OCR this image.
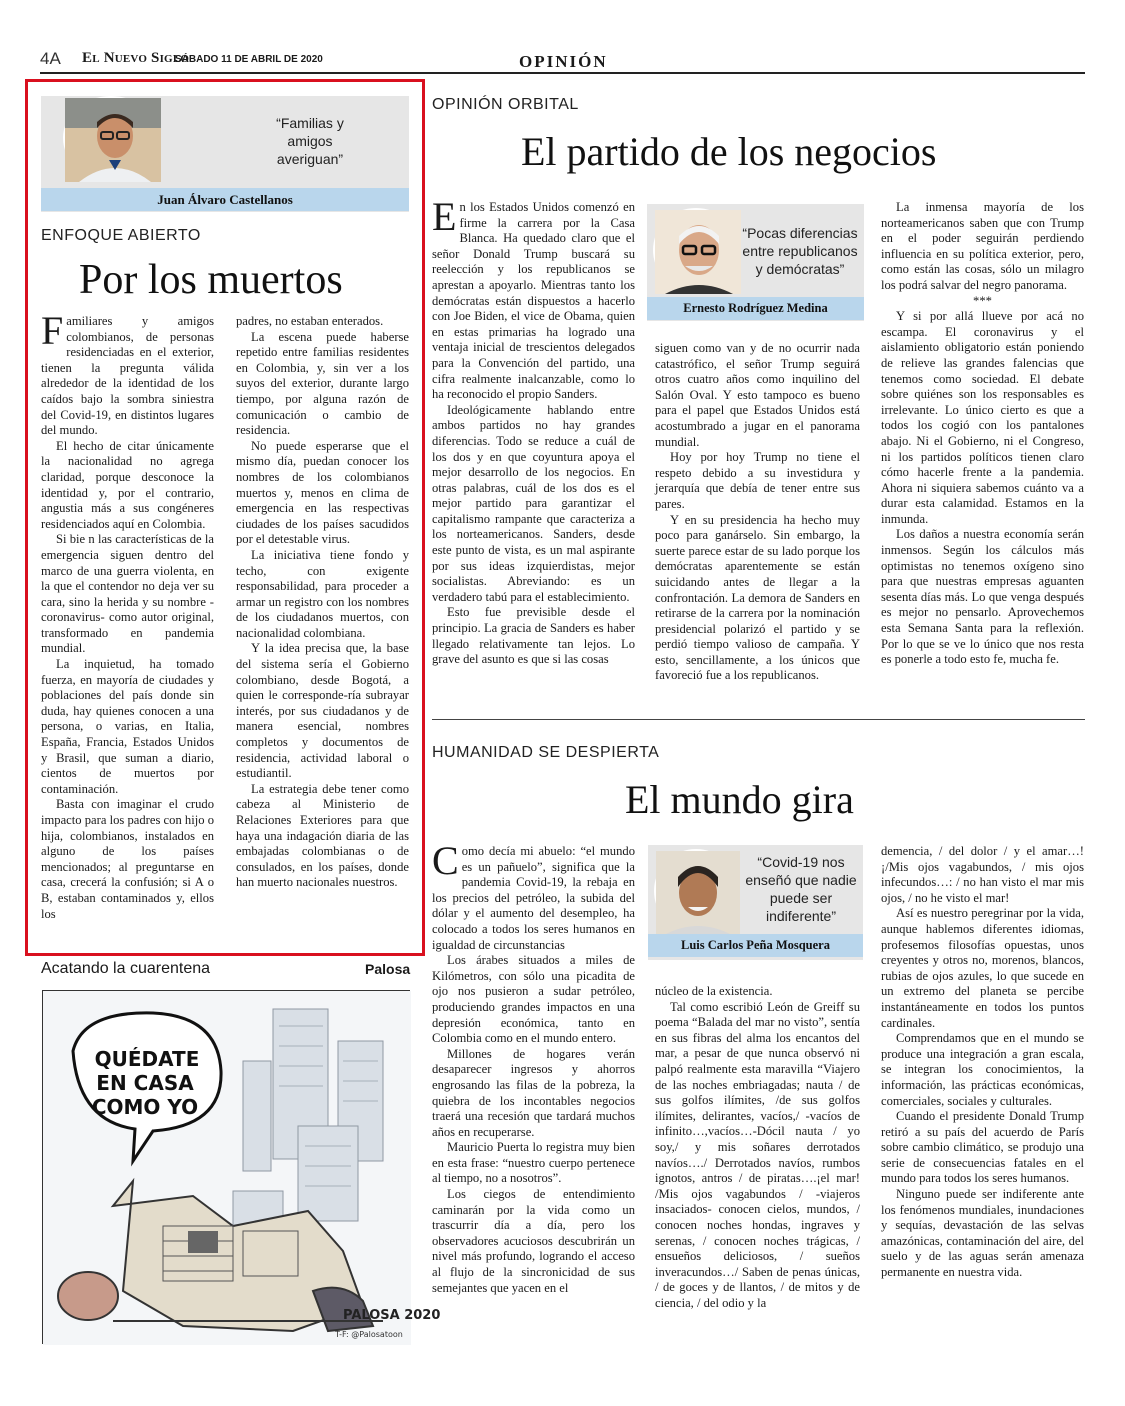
4A El Nuevo Siglo
SÁBADO 11 DE ABRIL DE 2020	OPINIÓN
“Familias y amigos averiguan”
Juan Álvaro Castellanos
ENFOQUE ABIERTO
Por los muertos

Familiares y amigos colombianos, de personas residenciadas en el exterior, tienen la pregunta válida alrededor de la identidad de los caídos bajo la sombra siniestra del Covid-19, en distintos lugares del mundo.

El hecho de citar únicamente la nacionalidad no agrega claridad, porque desconoce la identidad y, por el contrario, angustia más a sus congéneres residenciados aquí en Colombia.

Si bie n las características de la emergencia siguen dentro del marco de una guerra violenta, en la que el contendor no deja ver su cara, sino la herida y su nombre -coronavirus- como autor original, transformado en pandemia mundial.

La inquietud, ha tomado fuerza, en mayoría de ciudades y poblaciones del país donde sin duda, hay quienes conocen a una persona, o varias, en Italia, España, Francia, Estados Unidos y Brasil, que suman a diario, cientos de muertos por contaminación.

Basta con imaginar el crudo impacto para los padres con hijo o hija, colombianos, instalados en alguno de los países mencionados; al preguntarse en casa, crecerá la confusión; si A o B, estaban contaminados y, ellos los

padres, no estaban enterados.

La escena puede haberse repetido entre familias residentes en Colombia, y, sin ver a los suyos del exterior, durante largo tiempo, por alguna razón de comunicación o cambio de residencia.

No puede esperarse que el mismo día, puedan conocer los nombres de los colombianos muertos y, menos en clima de emergencia en las respectivas ciudades de los países sacudidos por el detestable virus.

La iniciativa tiene fondo y techo, con exigente responsabilidad, para proceder a armar un registro con los nombres de los ciudadanos muertos, con nacionalidad colombiana.

Y la idea precisa que, la base del sistema sería el Gobierno colombiano, desde Bogotá, a quien le corresponde-ría subrayar interés, por sus ciudadanos y de manera esencial, nombres completos y documentos de residencia, actividad laboral o estudiantil.

La estrategia debe tener como cabeza al Ministerio de Relaciones Exteriores para que haya una indagación diaria de las embajadas colombianas o de consulados, en los países, donde han muerto nacionales nuestros.

Acatando la cuarentena	Palosa
QUÉDATE
EN CASA
COMO YO
PALOSA 2020
T-F: @Palosatoon
OPINIÓN ORBITAL
El partido de los negocios

En los Estados Unidos comenzó en firme la carrera por la Casa Blanca. Ha quedado claro que el señor Donald Trump buscará su reelección y los republicanos se aprestan a apoyarlo. Mientras tanto los demócratas están dispuestos a hacerlo con Joe Biden, el vice de Obama, quien en estas primarias ha logrado una ventaja inicial de trescientos delegados para la Convención del partido, una cifra realmente inalcanzable, como lo ha reconocido el propio Sanders.

Ideológicamente hablando entre ambos partidos no hay grandes diferencias. Todo se reduce a cuál de los dos y en que coyuntura apoya el mejor desarrollo de los negocios. En otras palabras, cuál de los dos es el mejor partido para garantizar el capitalismo rampante que caracteriza a los norteamericanos. Sanders, desde este punto de vista, es un mal aspirante por sus ideas izquierdistas, mejor socialistas. Abreviando: es un verdadero tabú para el establecimiento.

Esto fue previsible desde el principio. La gracia de Sanders es haber llegado relativamente tan lejos. Lo grave del asunto es que si las cosas

“Pocas diferencias entre republicanos y demócratas”
Ernesto Rodríguez Medina

siguen como van y de no ocurrir nada catastrófico, el señor Trump seguirá otros cuatro años como inquilino del Salón Oval. Y esto tampoco es bueno para el papel que Estados Unidos está acostumbrado a jugar en el panorama mundial.

Hoy por hoy Trump no tiene el respeto debido a su investidura y jerarquía que debía de tener entre sus pares.

Y en su presidencia ha hecho muy poco para ganárselo. Sin embargo, la suerte parece estar de su lado porque los demócratas aparentemente se están suicidando antes de llegar a la confrontación. La demora de Sanders en retirarse de la carrera por la nominación presidencial polarizó el partido y se perdió tiempo valioso de campaña. Y esto, sencillamente, a los únicos que favoreció fue a los republicanos.

La inmensa mayoría de los norteamericanos saben que con Trump en el poder seguirán perdiendo influencia en su política exterior, pero, como están las cosas, sólo un milagro los podrá salvar del negro panorama.

***

Y si por allá llueve por acá no escampa. El coronavirus y el aislamiento obligatorio están poniendo de relieve las grandes falencias que tenemos como sociedad. El debate sobre quiénes son los responsables es irrelevante. Lo único cierto es que a todos los cogió con los pantalones abajo. Ni el Gobierno, ni el Congreso, ni los partidos políticos tienen claro cómo hacerle frente a la pandemia. Ahora ni siquiera sabemos cuánto va a durar esta calamidad. Estamos en la inmunda.

Los daños a nuestra economía serán inmensos. Según los cálculos más optimistas no tenemos oxígeno sino para que nuestras empresas aguanten sesenta días más. Lo que venga después es mejor no pensarlo. Aprovechemos esta Semana Santa para la reflexión. Por lo que se ve lo único que nos resta es ponerle a todo esto fe, mucha fe.

HUMANIDAD SE DESPIERTA
El mundo gira

Como decía mi abuelo: “el mundo es un pañuelo”, significa que la pandemia Covid-19, la rebaja en los precios del petróleo, la subida del dólar y el aumento del desempleo, ha colocado a todos los seres humanos en igualdad de circunstancias

Los árabes situados a miles de Kilómetros, con sólo una picadita de ojo nos pusieron a sudar petróleo, produciendo grandes impactos en una depresión económica, tanto en Colombia como en el mundo entero.

Millones de hogares verán desaparecer ingresos y ahorros engrosando las filas de la pobreza, la quiebra de los incontables negocios traerá una recesión que tardará muchos años en recuperarse.

Mauricio Puerta lo registra muy bien en esta frase: “nuestro cuerpo pertenece al tiempo, no a nosotros”.

Los ciegos de entendimiento caminarán por la vida como un trascurrir día a día, pero los observadores acuciosos descubrirán un nivel más profundo, logrando el acceso al flujo de la sincronicidad de sus semejantes que yacen en el

“Covid-19 nos enseñó que nadie puede ser indiferente”
Luis Carlos Peña Mosquera

núcleo de la existencia.

Tal como escribió León de Greiff su poema “Balada del mar no visto”, sentía en sus fibras del alma los encantos del mar, a pesar de que nunca observó ni palpó realmente esta maravilla “Viajero de las noches embriagadas; nauta / de sus golfos ilímites, /de sus golfos ilímites, delirantes, vacíos,/ -vacíos de infinito…,vacíos…-Dócil nauta / yo soy,/ y mis soñares derrotados navíos…./ Derrotados navíos, rumbos ignotos, antros / de piratas….¡el mar! /Mis ojos vagabundos / -viajeros insaciados- conocen cielos, mundos, / conocen noches hondas, ingraves y serenas, / conocen noches trágicas, / ensueños deliciosos, / sueños inveracundos…/ Saben de penas únicas, / de goces y de llantos, / de mitos y de ciencia, / del odio y la

demencia, / del dolor / y el amar…! ¡/Mis ojos vagabundos, / mis ojos infecundos…: / no han visto el mar mis ojos, / no he visto el mar!

Así es nuestro peregrinar por la vida, aunque hablemos diferentes idiomas, profesemos filosofías opuestas, unos creyentes y otros no, morenos, blancos, rubias de ojos azules, lo que sucede en un extremo del planeta se percibe instantáneamente en todos los puntos cardinales.

Comprendamos que en el mundo se produce una integración a gran escala, se integran los conocimientos, la información, las prácticas económicas, comerciales, sociales y culturales.

Cuando el presidente Donald Trump retiró a su país del acuerdo de París sobre cambio climático, se produjo una serie de consecuencias fatales en el mundo para todos los seres humanos.

Ninguno puede ser indiferente ante los fenómenos mundiales, inundaciones y sequías, devastación de las selvas amazónicas, contaminación del aire, del suelo y de las aguas serán amenaza permanente en nuestra vida.
